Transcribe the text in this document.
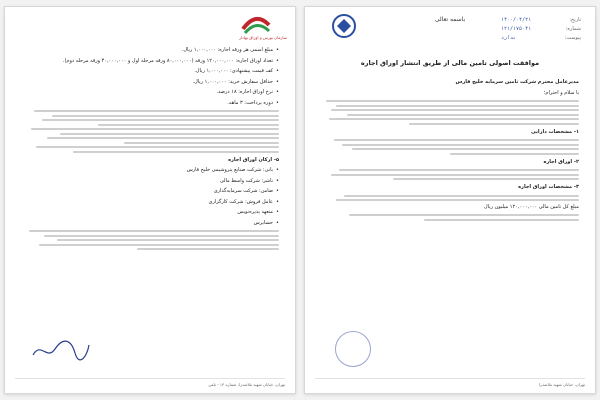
سازمان بورس و اوراق بهادار

• مبلغ اسمی هر ورقه اجاره: ۱,۰۰۰,۰۰۰ ریال.

• تعداد اوراق اجاره: ۱۲۰,۰۰۰,۰۰۰ ورقه (۸۰,۰۰۰,۰۰۰ ورقه مرحله اول و ۴۰,۰۰۰,۰۰۰ ورقه مرحله دوم).

• کف قیمت پیشنهادی: ۱,۰۰۰,۰۰۰ ریال.

• حداقل سفارش خرید: ۱,۰۰۰,۰۰۰ ریال.

• نرخ اوراق اجاره: ۱۸ درصد.

• دوره پرداخت: ۳ ماهه.

۵- ارکان اوراق اجاره

• بانی: شرکت صنایع پتروشیمی خلیج فارس

• ناشر: شرکت واسط مالی

• ضامن: شرکت سرمایه‌گذاری

• عامل فروش: شرکت کارگزاری

• متعهد پذیره‌نویس

• حسابرس

تهران، خیابان شهید ملاصدرا، شماره ۱۳ - تلفن
باسمه تعالی	تاریخ:
۱۴۰۰/۰۴/۲۱
شماره:
۱۲۱/۱۷۵۰۴۱
پیوست:
ندارد
موافقت اصولی تامین مالی از طریق انتشار اوراق اجاره

مدیرعامل محترم شرکت تامین سرمایه خلیج فارس

با سلام و احترام؛

۱- مشخصات دارایی

۲- اوراق اجاره

۳- مشخصات اوراق اجاره

مبلغ کل تامین مالی ۱۲۰,۰۰۰,۰۰۰ میلیون ریال

تهران، خیابان شهید ملاصدرا
